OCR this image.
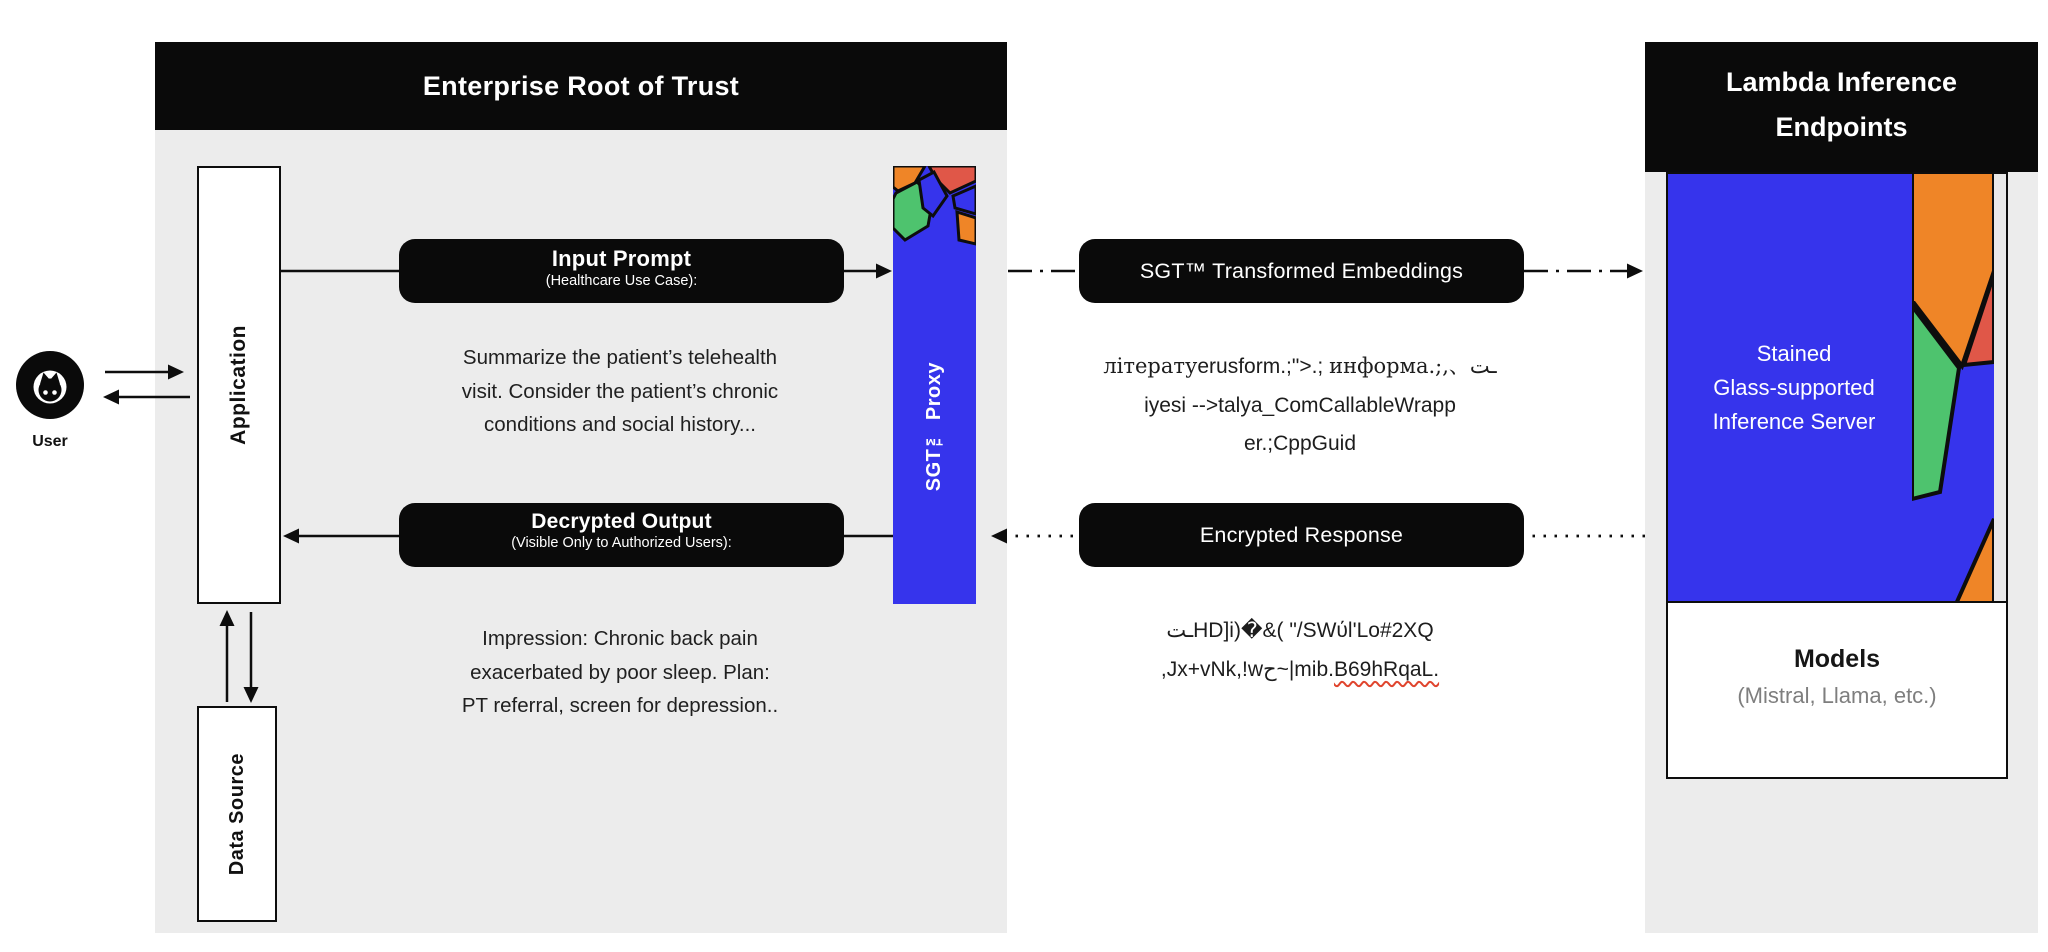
Enterprise Root of Trust	Lambda Inference
Endpoints
User	Application
Data Source
Input Prompt
(Healthcare Use Case):
Summarize the patient’s telehealth
visit. Consider the patient’s chronic
conditions and social history...
Decrypted Output
(Visible Only to Authorized Users):
Impression: Chronic back pain
exacerbated by poor sleep. Plan:
PT referral, screen for depression..
SGT™ Proxy
SGT™ Transformed Embeddings
літератуerusform.;">.; информа.;,、ـت
iyesi -->talya_ComCallableWrapp
er.;CppGuid
Encrypted Response
ـتHD]i)�&( "/SWύl'Lo#2XQ
,Jx+vNk,!wح~|mib.B69hRqaL.
Stained
Glass-supported
Inference Server
Models
(Mistral, Llama, etc.)
